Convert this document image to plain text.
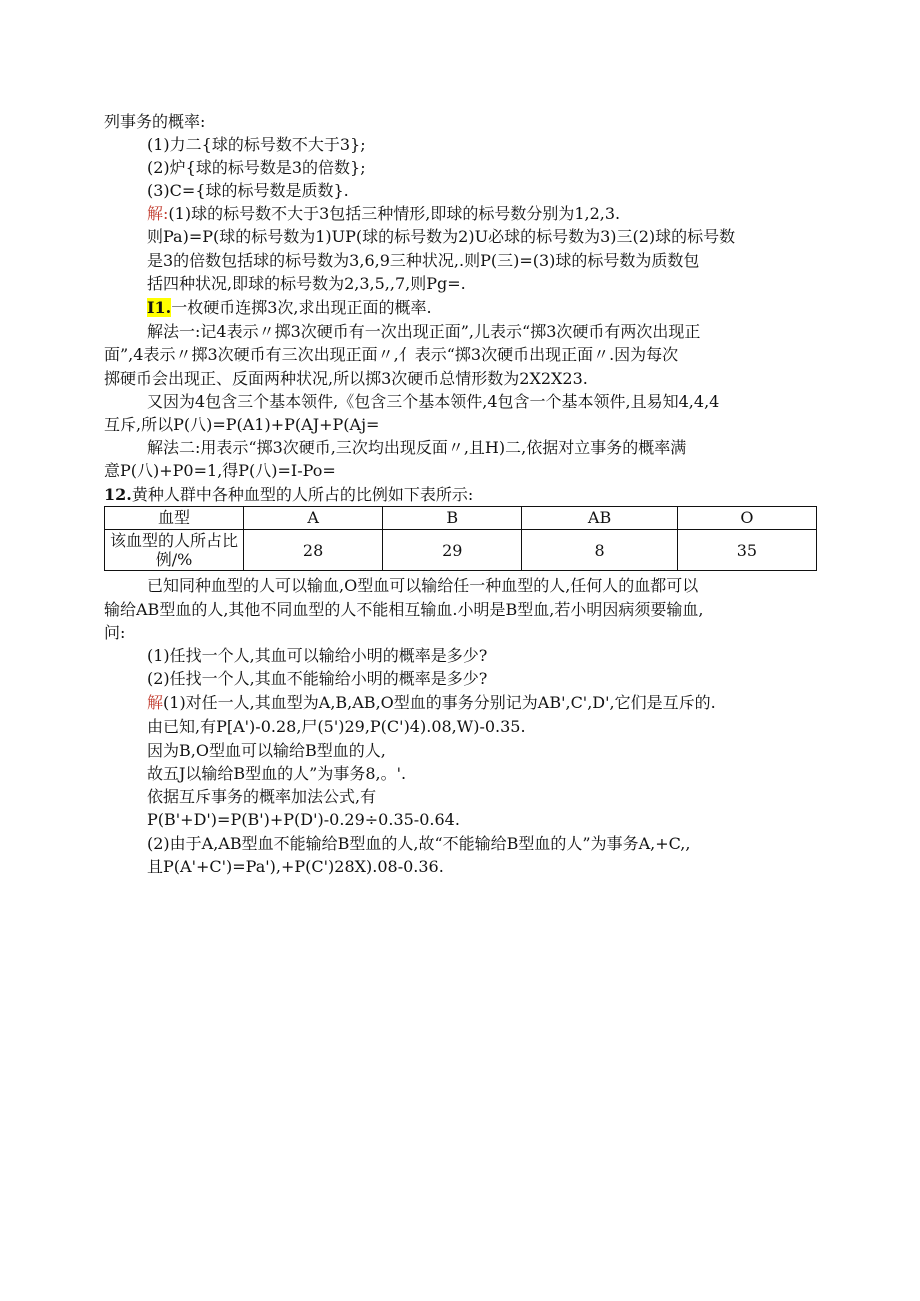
列事务的概率:
(1)力二{球的标号数不大于3};
(2)炉{球的标号数是3的倍数};
(3)C={球的标号数是质数}.
解:(1)球的标号数不大于3包括三种情形,即球的标号数分别为1,2,3.
则Pa)=P(球的标号数为1)UP(球的标号数为2)U必球的标号数为3)三(2)球的标号数
是3的倍数包括球的标号数为3,6,9三种状况,.则P(三)=(3)球的标号数为质数包
括四种状况,即球的标号数为2,3,5,,7,则Pg=.
I1.一枚硬币连掷3次,求出现正面的概率.
解法一:记4表示〃掷3次硬币有一次出现正面”,儿表示“掷3次硬币有两次出现正
面”,4表示〃掷3次硬币有三次出现正面〃,亻表示“掷3次硬币出现正面〃.因为每次
掷硬币会出现正、反面两种状况,所以掷3次硬币总情形数为2X2X23.
又因为4包含三个基本领件,《包含三个基本领件,4包含一个基本领件,且易知4,4,4
互斥,所以P(八)=P(A1)+P(AJ+P(Aj=
解法二:用表示“掷3次硬币,三次均出现反面〃,且H)二,依据对立事务的概率满
意P(八)+P0=1,得P(八)=I-Po=
12.黄种人群中各种血型的人所占的比例如下表所示:
血型	A	B	AB	O
该血型的人所占比例/%	28	29	8	35
已知同种血型的人可以输血,O型血可以输给任一种血型的人,任何人的血都可以
输给AB型血的人,其他不同血型的人不能相互输血.小明是B型血,若小明因病须要输血,
问:
(1)任找一个人,其血可以输给小明的概率是多少?
(2)任找一个人,其血不能输给小明的概率是多少?
解(1)对任一人,其血型为A,B,AB,O型血的事务分别记为AB',C',D',它们是互斥的.
由已知,有P[A')-0.28,尸(5')29,P(C')4).08,W)-0.35.
因为B,O型血可以输给B型血的人,
故五J以输给B型血的人”为事务8,。'.
依据互斥事务的概率加法公式,有
P(B'+D')=P(B')+P(D')-0.29÷0.35-0.64.
(2)由于A,AB型血不能输给B型血的人,故“不能输给B型血的人”为事务A,+C,,
且P(A'+C')=Pa'),+P(C')28X).08-0.36.
